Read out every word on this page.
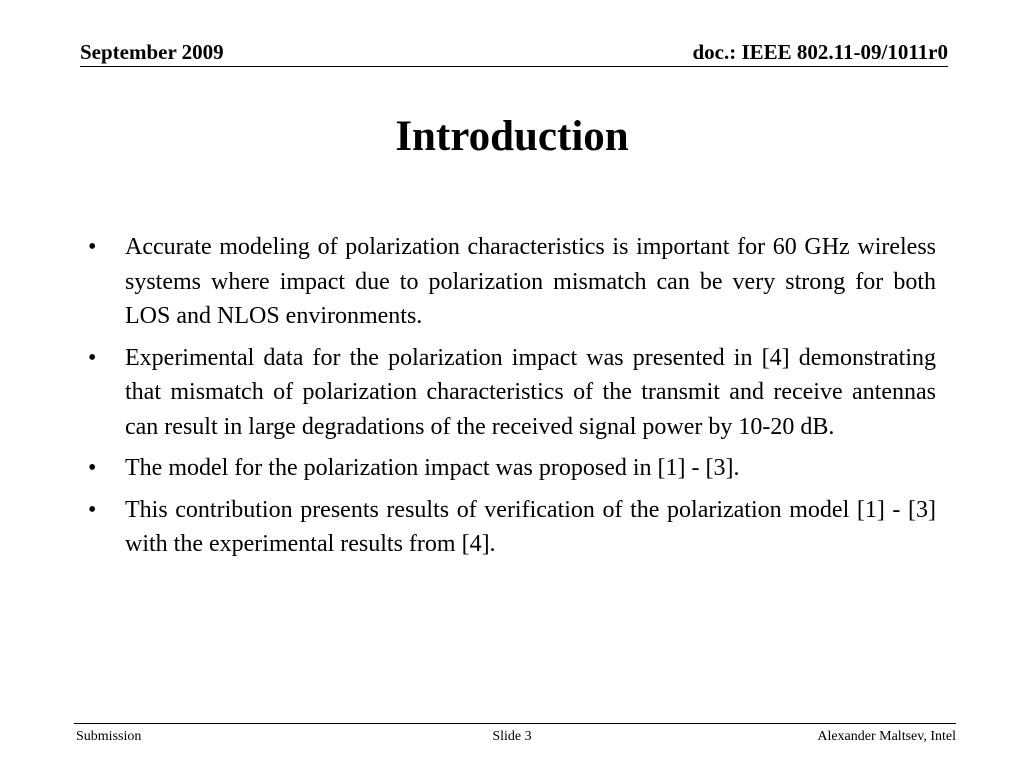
September 2009	doc.: IEEE 802.11-09/1011r0
Introduction
• Accurate modeling of polarization characteristics is important for 60 GHz wireless systems where impact due to polarization mismatch can be very strong for both LOS and NLOS environments.
• Experimental data for the polarization impact was presented in [4] demonstrating that mismatch of polarization characteristics of the transmit and receive antennas can result in large degradations of the received signal power by 10-20 dB.
• The model for the polarization impact was proposed in [1] - [3].
• This contribution presents results of verification of the polarization model [1] - [3] with the experimental results from [4].
Submission	Slide 3	Alexander Maltsev, Intel
